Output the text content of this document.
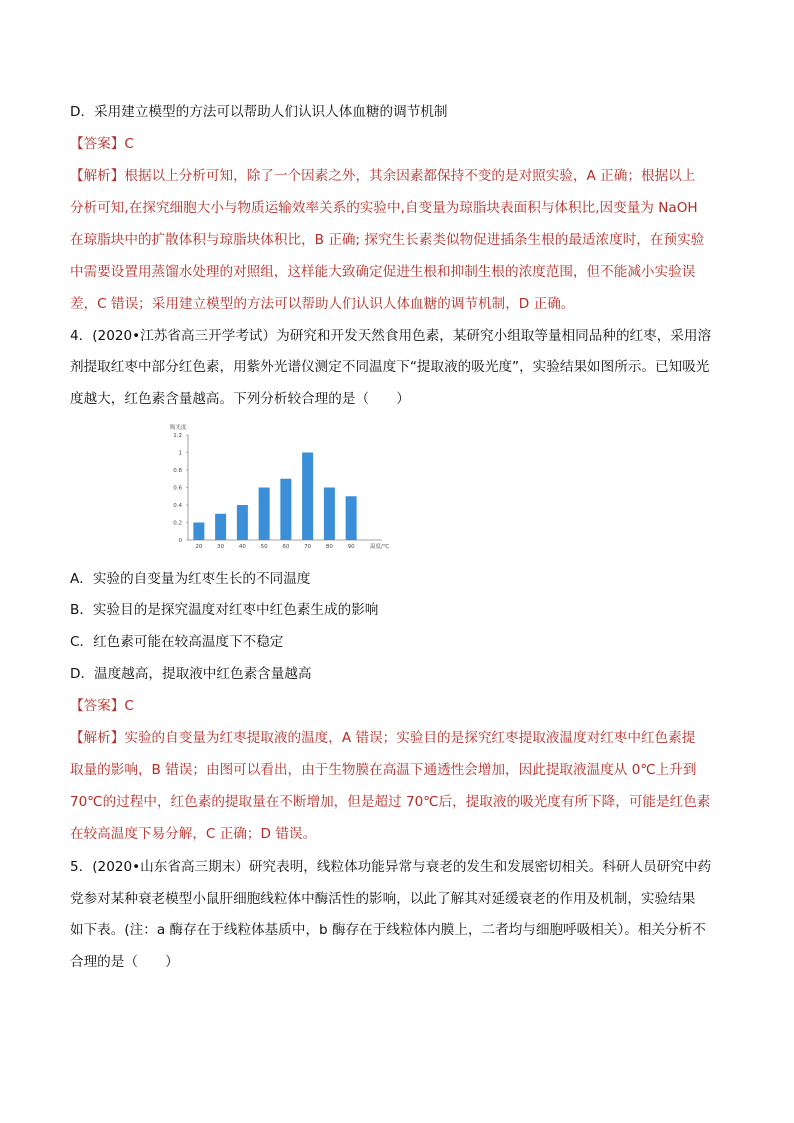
D．采用建立模型的方法可以帮助人们认识人体血糖的调节机制
【答案】C
【解析】根据以上分析可知，除了一个因素之外，其余因素都保持不变的是对照实验，A 正确；根据以上
分析可知,在探究细胞大小与物质运输效率关系的实验中,自变量为琼脂块表面积与体积比,因变量为 NaOH
在琼脂块中的扩散体积与琼脂块体积比，B 正确; 探究生长素类似物促进插条生根的最适浓度时，在预实验
中需要设置用蒸馏水处理的对照组，这样能大致确定促进生根和抑制生根的浓度范围，但不能减小实验误
差，C 错误；采用建立模型的方法可以帮助人们认识人体血糖的调节机制，D 正确。
4．(2020•江苏省高三开学考试）为研究和开发天然食用色素，某研究小组取等量相同品种的红枣，采用溶
剂提取红枣中部分红色素，用紫外光谱仪测定不同温度下“提取液的吸光度”，实验结果如图所示。已知吸光
度越大，红色素含量越高。下列分析较合理的是（　　）
吸光度
0
0.2
0.4
0.6
0.8
1
1.2
20	30	40	50	60	70	80	90	温度/℃
A．实验的自变量为红枣生长的不同温度
B．实验目的是探究温度对红枣中红色素生成的影响
C．红色素可能在较高温度下不稳定
D．温度越高，提取液中红色素含量越高
【答案】C
【解析】实验的自变量为红枣提取液的温度，A 错误；实验目的是探究红枣提取液温度对红枣中红色素提
取量的影响，B 错误；由图可以看出，由于生物膜在高温下通透性会增加，因此提取液温度从 0℃上升到
70℃的过程中，红色素的提取量在不断增加，但是超过 70℃后，提取液的吸光度有所下降，可能是红色素
在较高温度下易分解，C 正确；D 错误。
5．(2020•山东省高三期末）研究表明，线粒体功能异常与衰老的发生和发展密切相关。科研人员研究中药
党参对某种衰老模型小鼠肝细胞线粒体中酶活性的影响，以此了解其对延缓衰老的作用及机制，实验结果
如下表。(注：a 酶存在于线粒体基质中，b 酶存在于线粒体内膜上，二者均与细胞呼吸相关）。相关分析不
合理的是（　　）
